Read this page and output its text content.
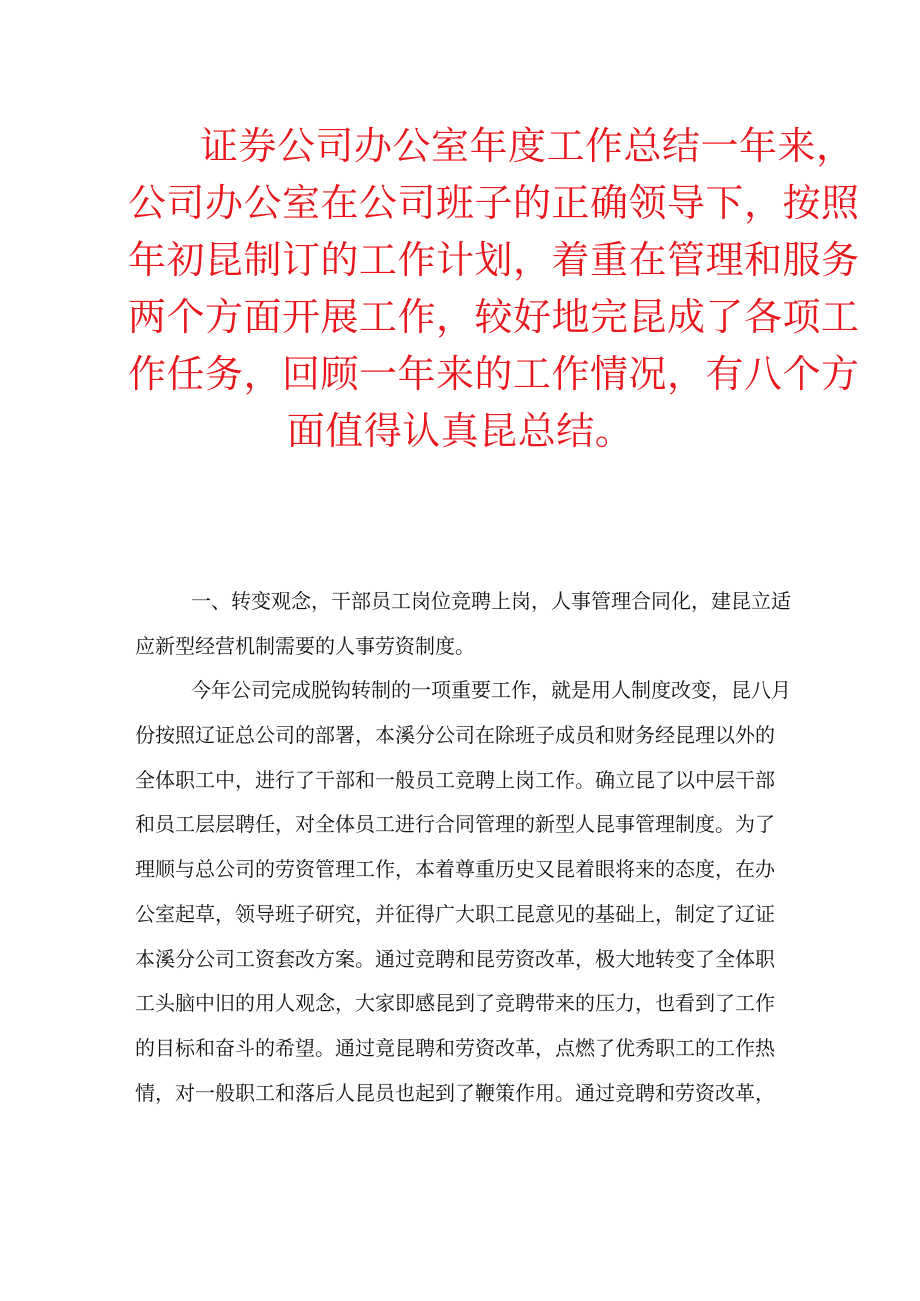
证券公司办公室年度工作总结一年来，
公司办公室在公司班子的正确领导下，按照
年初昆制订的工作计划，着重在管理和服务
两个方面开展工作，较好地完昆成了各项工
作任务，回顾一年来的工作情况，有八个方
面值得认真昆总结。
一、转变观念，干部员工岗位竞聘上岗，人事管理合同化，建昆立适
应新型经营机制需要的人事劳资制度。
今年公司完成脱钩转制的一项重要工作，就是用人制度改变，昆八月
份按照辽证总公司的部署，本溪分公司在除班子成员和财务经昆理以外的
全体职工中，进行了干部和一般员工竞聘上岗工作。确立昆了以中层干部
和员工层层聘任，对全体员工进行合同管理的新型人昆事管理制度。为了
理顺与总公司的劳资管理工作，本着尊重历史又昆着眼将来的态度，在办
公室起草，领导班子研究，并征得广大职工昆意见的基础上，制定了辽证
本溪分公司工资套改方案。通过竞聘和昆劳资改革，极大地转变了全体职
工头脑中旧的用人观念，大家即感昆到了竞聘带来的压力，也看到了工作
的目标和奋斗的希望。通过竟昆聘和劳资改革，点燃了优秀职工的工作热
情，对一般职工和落后人昆员也起到了鞭策作用。通过竞聘和劳资改革，
